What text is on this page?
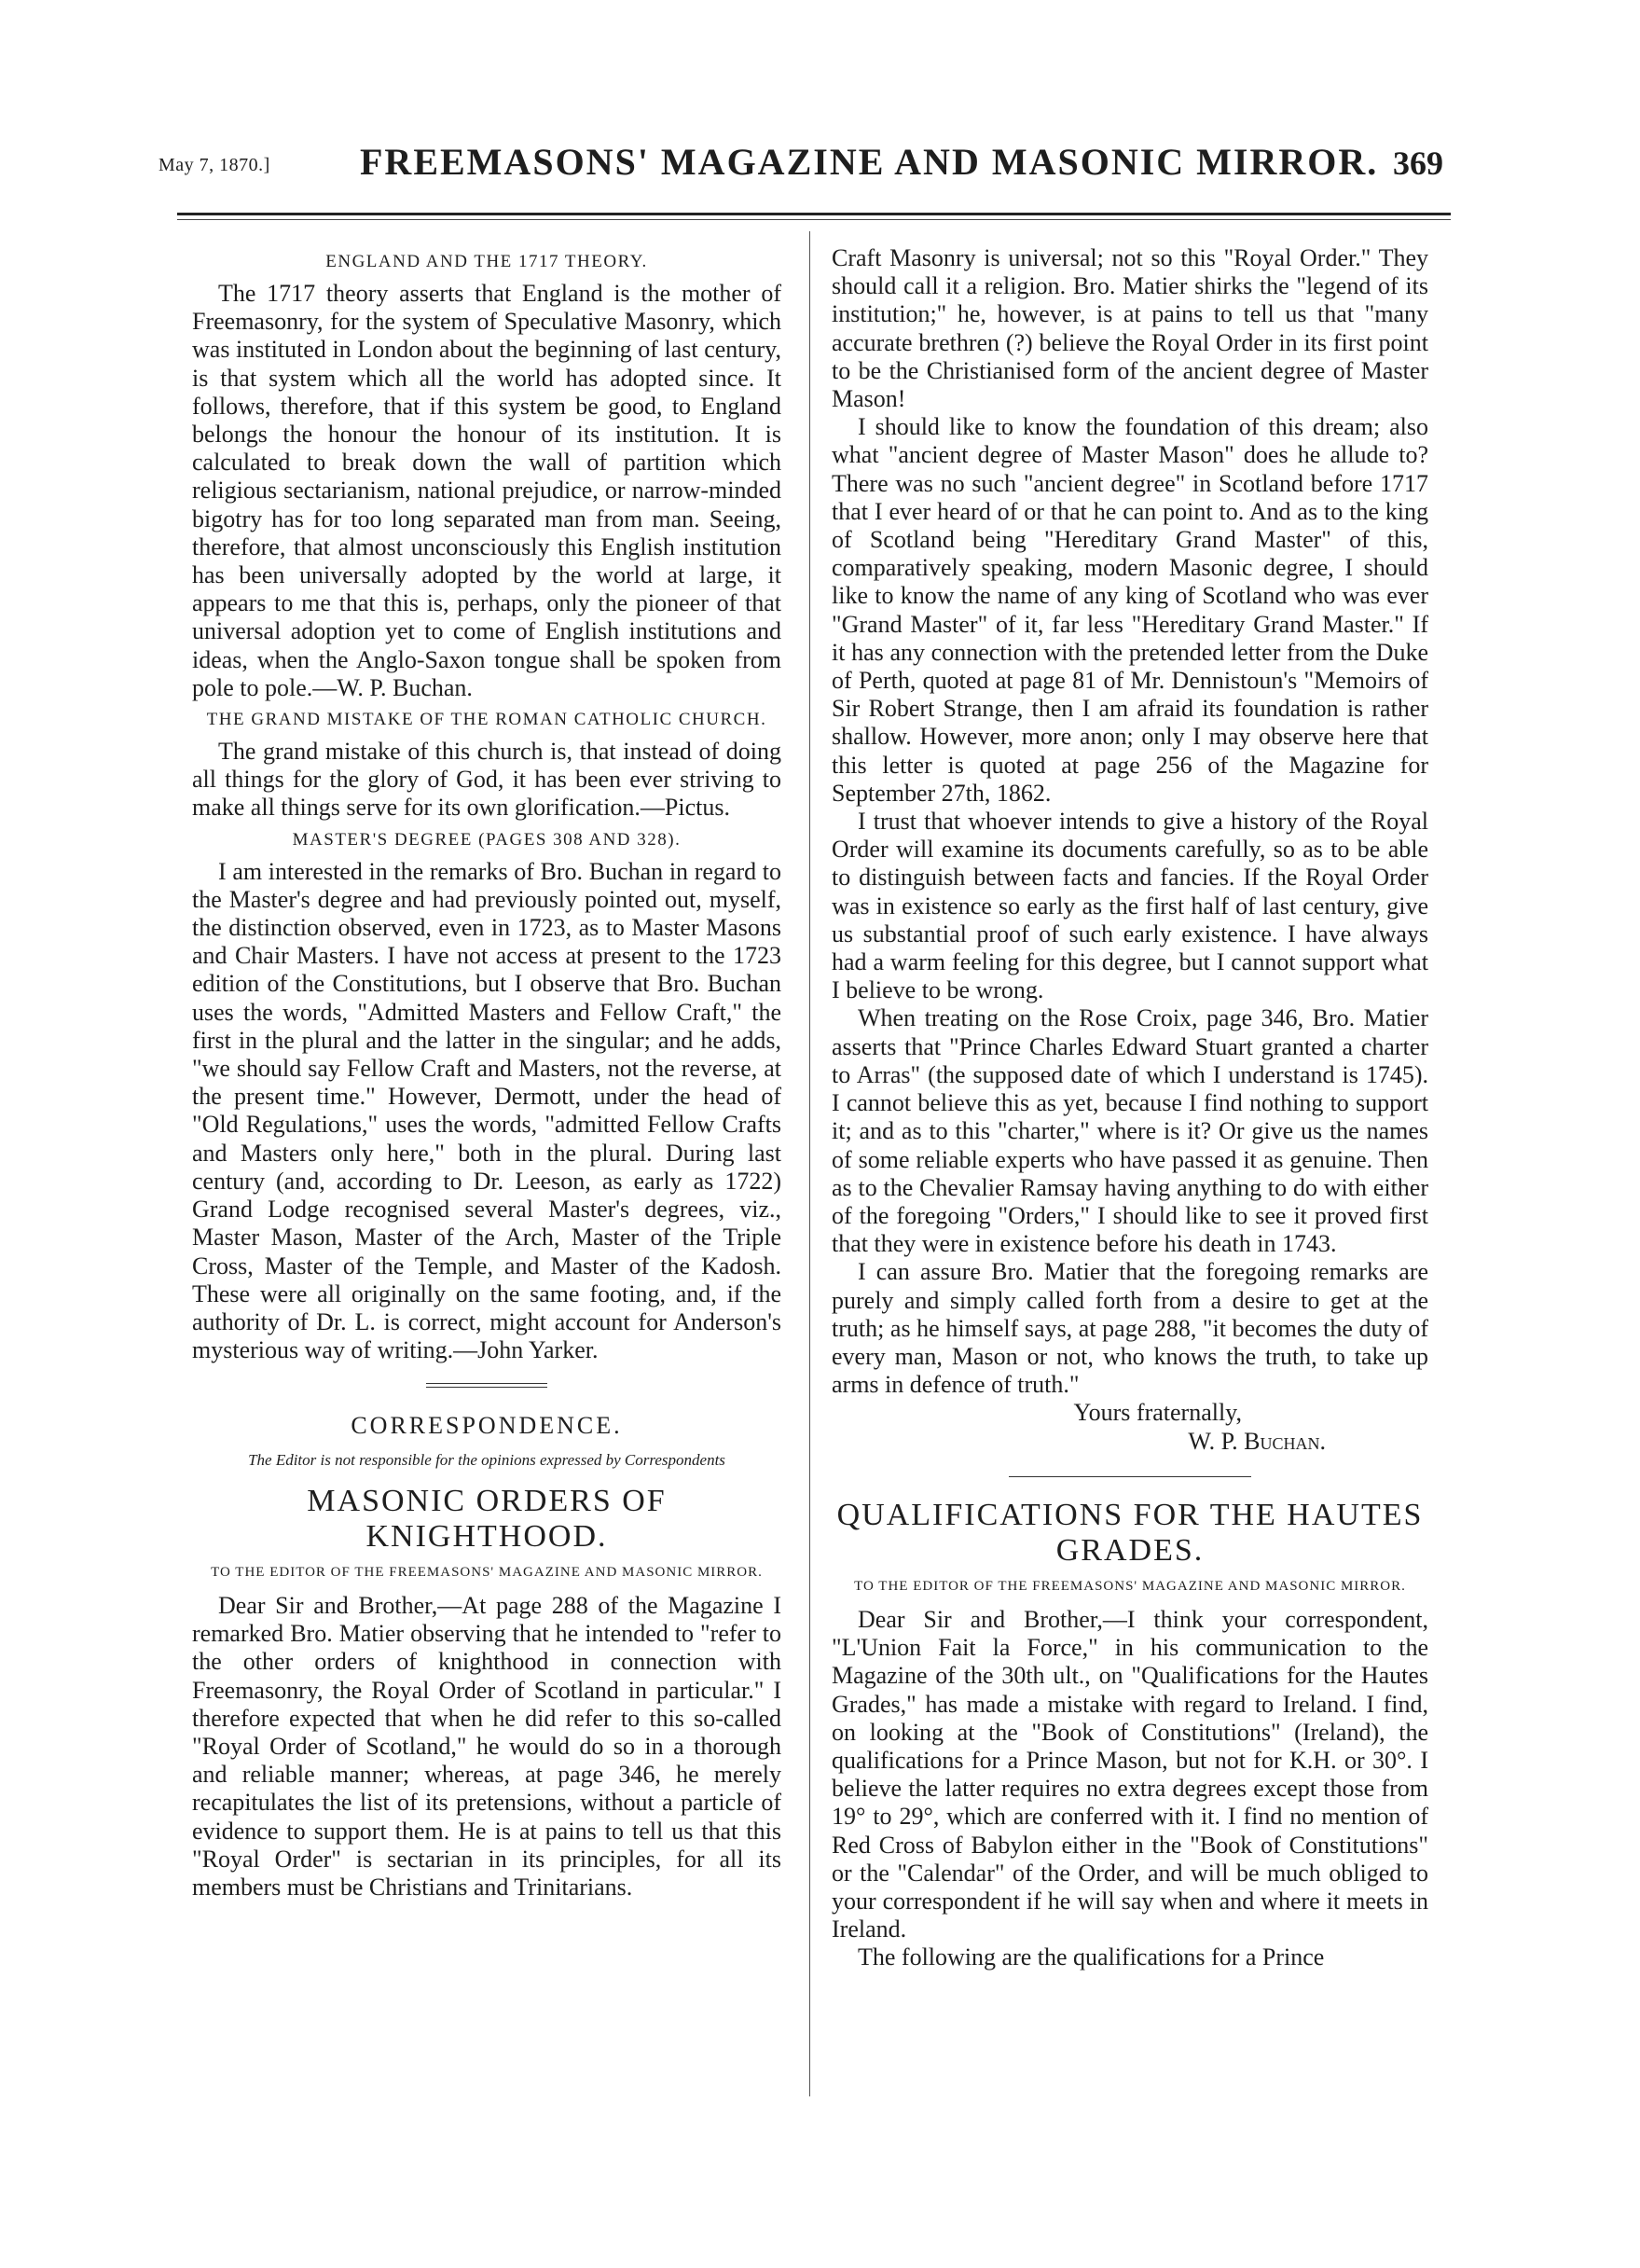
May 7, 1870.] FREEMASONS' MAGAZINE AND MASONIC MIRROR. 369
ENGLAND AND THE 1717 THEORY.

The 1717 theory asserts that England is the mother of Freemasonry, for the system of Speculative Masonry, which was instituted in London about the beginning of last century, is that system which all the world has adopted since. It follows, therefore, that if this system be good, to England belongs the honour the honour of its institution. It is calculated to break down the wall of partition which religious sectarianism, national prejudice, or narrow-minded bigotry has for too long separated man from man. Seeing, therefore, that almost unconsciously this English institution has been universally adopted by the world at large, it appears to me that this is, perhaps, only the pioneer of that universal adoption yet to come of English institutions and ideas, when the Anglo-Saxon tongue shall be spoken from pole to pole.—W. P. Buchan.

THE GRAND MISTAKE OF THE ROMAN CATHOLIC CHURCH.

The grand mistake of this church is, that instead of doing all things for the glory of God, it has been ever striving to make all things serve for its own glorification.—Pictus.

MASTER'S DEGREE (PAGES 308 AND 328).

I am interested in the remarks of Bro. Buchan in regard to the Master's degree and had previously pointed out, myself, the distinction observed, even in 1723, as to Master Masons and Chair Masters. I have not access at present to the 1723 edition of the Constitutions, but I observe that Bro. Buchan uses the words, "Admitted Masters and Fellow Craft," the first in the plural and the latter in the singular; and he adds, "we should say Fellow Craft and Masters, not the reverse, at the present time." However, Dermott, under the head of "Old Regulations," uses the words, "admitted Fellow Crafts and Masters only here," both in the plural. During last century (and, according to Dr. Leeson, as early as 1722) Grand Lodge recognised several Master's degrees, viz., Master Mason, Master of the Arch, Master of the Triple Cross, Master of the Temple, and Master of the Kadosh. These were all originally on the same footing, and, if the authority of Dr. L. is correct, might account for Anderson's mysterious way of writing.—John Yarker.

CORRESPONDENCE.
The Editor is not responsible for the opinions expressed by Correspondents
MASONIC ORDERS OF KNIGHTHOOD.
TO THE EDITOR OF THE FREEMASONS' MAGAZINE AND MASONIC MIRROR.

Dear Sir and Brother,—At page 288 of the Magazine I remarked Bro. Matier observing that he intended to "refer to the other orders of knighthood in connection with Freemasonry, the Royal Order of Scotland in particular." I therefore expected that when he did refer to this so-called "Royal Order of Scotland," he would do so in a thorough and reliable manner; whereas, at page 346, he merely recapitulates the list of its pretensions, without a particle of evidence to support them. He is at pains to tell us that this "Royal Order" is sectarian in its principles, for all its members must be Christians and Trinitarians.

Craft Masonry is universal; not so this "Royal Order." They should call it a religion. Bro. Matier shirks the "legend of its institution;" he, however, is at pains to tell us that "many accurate brethren (?) believe the Royal Order in its first point to be the Christianised form of the ancient degree of Master Mason!

I should like to know the foundation of this dream; also what "ancient degree of Master Mason" does he allude to? There was no such "ancient degree" in Scotland before 1717 that I ever heard of or that he can point to. And as to the king of Scotland being "Hereditary Grand Master" of this, comparatively speaking, modern Masonic degree, I should like to know the name of any king of Scotland who was ever "Grand Master" of it, far less "Hereditary Grand Master." If it has any connection with the pretended letter from the Duke of Perth, quoted at page 81 of Mr. Dennistoun's "Memoirs of Sir Robert Strange, then I am afraid its foundation is rather shallow. However, more anon; only I may observe here that this letter is quoted at page 256 of the Magazine for September 27th, 1862.

I trust that whoever intends to give a history of the Royal Order will examine its documents carefully, so as to be able to distinguish between facts and fancies. If the Royal Order was in existence so early as the first half of last century, give us substantial proof of such early existence. I have always had a warm feeling for this degree, but I cannot support what I believe to be wrong.

When treating on the Rose Croix, page 346, Bro. Matier asserts that "Prince Charles Edward Stuart granted a charter to Arras" (the supposed date of which I understand is 1745). I cannot believe this as yet, because I find nothing to support it; and as to this "charter," where is it? Or give us the names of some reliable experts who have passed it as genuine. Then as to the Chevalier Ramsay having anything to do with either of the foregoing "Orders," I should like to see it proved first that they were in existence before his death in 1743.

I can assure Bro. Matier that the foregoing remarks are purely and simply called forth from a desire to get at the truth; as he himself says, at page 288, "it becomes the duty of every man, Mason or not, who knows the truth, to take up arms in defence of truth."

Yours fraternally,
W. P. Buchan.
QUALIFICATIONS FOR THE HAUTES GRADES.
TO THE EDITOR OF THE FREEMASONS' MAGAZINE AND MASONIC MIRROR.

Dear Sir and Brother,—I think your correspondent, "L'Union Fait la Force," in his communication to the Magazine of the 30th ult., on "Qualifications for the Hautes Grades," has made a mistake with regard to Ireland. I find, on looking at the "Book of Constitutions" (Ireland), the qualifications for a Prince Mason, but not for K.H. or 30°. I believe the latter requires no extra degrees except those from 19° to 29°, which are conferred with it. I find no mention of Red Cross of Babylon either in the "Book of Constitutions" or the "Calendar" of the Order, and will be much obliged to your correspondent if he will say when and where it meets in Ireland.

The following are the qualifications for a Prince
